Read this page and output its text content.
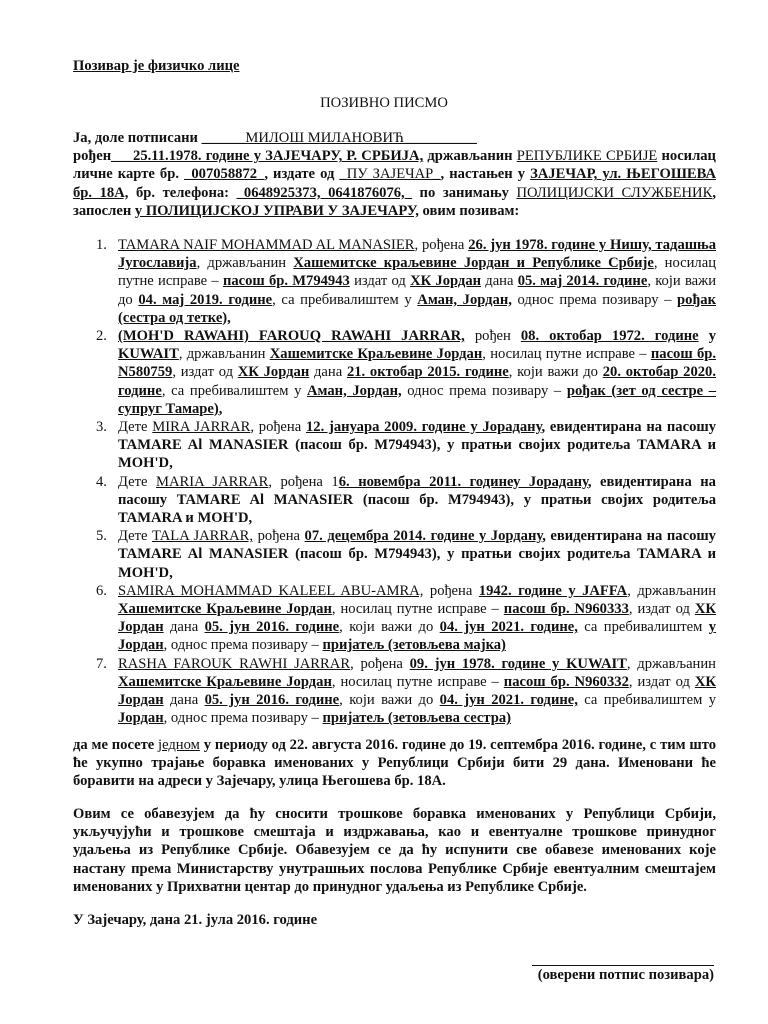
Позивар је физичко лице
ПОЗИВНО ПИСМО
Ја, доле потписани ______МИЛОШ МИЛАНОВИЋ__________
рођен___25.11.1978. године у ЗАЈЕЧАРУ, Р. СРБИЈА, држављанин РЕПУБЛИКЕ СРБИЈЕ носилац личне карте бр. _007058872_, издате од _ПУ ЗАЈЕЧАР_, настањен у ЗАЈЕЧАР, ул. ЊЕГОШЕВА бр. 18А, бр. телефона: _0648925373, 0641876076,_ по занимању ПОЛИЦИЈСКИ СЛУЖБЕНИК, запослен у ПОЛИЦИЈСКОЈ УПРАВИ У ЗАЈЕЧАРУ, овим позивам:
1. TAMARA NAIF MOHAMMAD AL MANASIER, рођена 26. јун 1978. године у Нишу, тадашња Југославија, држављанин Хашемитске краљевине Јордан и Републике Србије, носилац путне исправе – пасош бр. М794943 издат од ХК Јордан дана 05. мај 2014. године, који важи до 04. мај 2019. године, са пребивалиштем у Аман, Јордан, однос према позивару – рођак (сестра од тетке),
2. (MOH'D RAWAHI) FAROUQ RAWAHI JARRAR, рођен 08. октобар 1972. године у KUWAIT, држављанин Хашемитске Краљевине Јордан, носилац путне исправе – пасош бр. N580759, издат од ХК Јордан дана 21. октобар 2015. године, који важи до 20. октобар 2020. године, са пребивалиштем у Аман, Јордан, однос према позивару – рођак (зет од сестре – супруг Тамаре),
3. Дете MIRA JARRAR, рођена 12. јануара 2009. године у Јорадану, евидентирана на пасошу TAMARE Al MANASIER (пасош бр. М794943), у пратњи својих родитеља TAMARA и MOH'D,
4. Дете MARIA JARRAR, рођена 16. новембра 2011. годинеу Јорадану, евидентирана на пасошу TAMARE Al MANASIER (пасош бр. М794943), у пратњи својих родитеља TAMARA и MOH'D,
5. Дете TALA JARRAR, рођена 07. децембра 2014. године у Јордану, евидентирана на пасошу TAMARE Al MANASIER (пасош бр. М794943), у пратњи својих родитеља TAMARA и MOH'D,
6. SAMIRA MOHAMMAD KALEEL ABU-AMRA, рођена 1942. године у JAFFA, држављанин Хашемитске Краљевине Јордан, носилац путне исправе – пасош бр. N960333, издат од ХК Јордан дана 05. јун 2016. године, који важи до 04. јун 2021. године, са пребивалиштем у Јордан, однос према позивару – пријатељ (зетовљева мајка)
7. RASHA FAROUK RAWHI JARRAR, рођена 09. јун 1978. године у KUWAIT, држављанин Хашемитске Краљевине Јордан, носилац путне исправе – пасош бр. N960332, издат од ХК Јордан дана 05. јун 2016. године, који важи до 04. јун 2021. године, са пребивалиштем у Јордан, однос према позивару – пријатељ (зетовљева сестра)
да ме посете једном у периоду од 22. августа 2016. године до 19. септембра 2016. године, с тим што ће укупно трајање боравка именованих у Републици Србији бити 29 дана. Именовани ће боравити на адреси у Зајечару, улица Његошева бр. 18А.
Овим се обавезујем да ћу сносити трошкове боравка именованих у Републици Србији, укључујући и трошкове смештаја и издржавања, као и евентуалне трошкове принудног удаљења из Републике Србије. Обавезујем се да ћу испунити све обавезе именованих које настану према Министарству унутрашњих послова Републике Србије евентуалним смештајем именованих у Прихватни центар до принудног удаљења из Републике Србије.
У Зајечару, дана 21. јула 2016. године
(оверени потпис позивара)
